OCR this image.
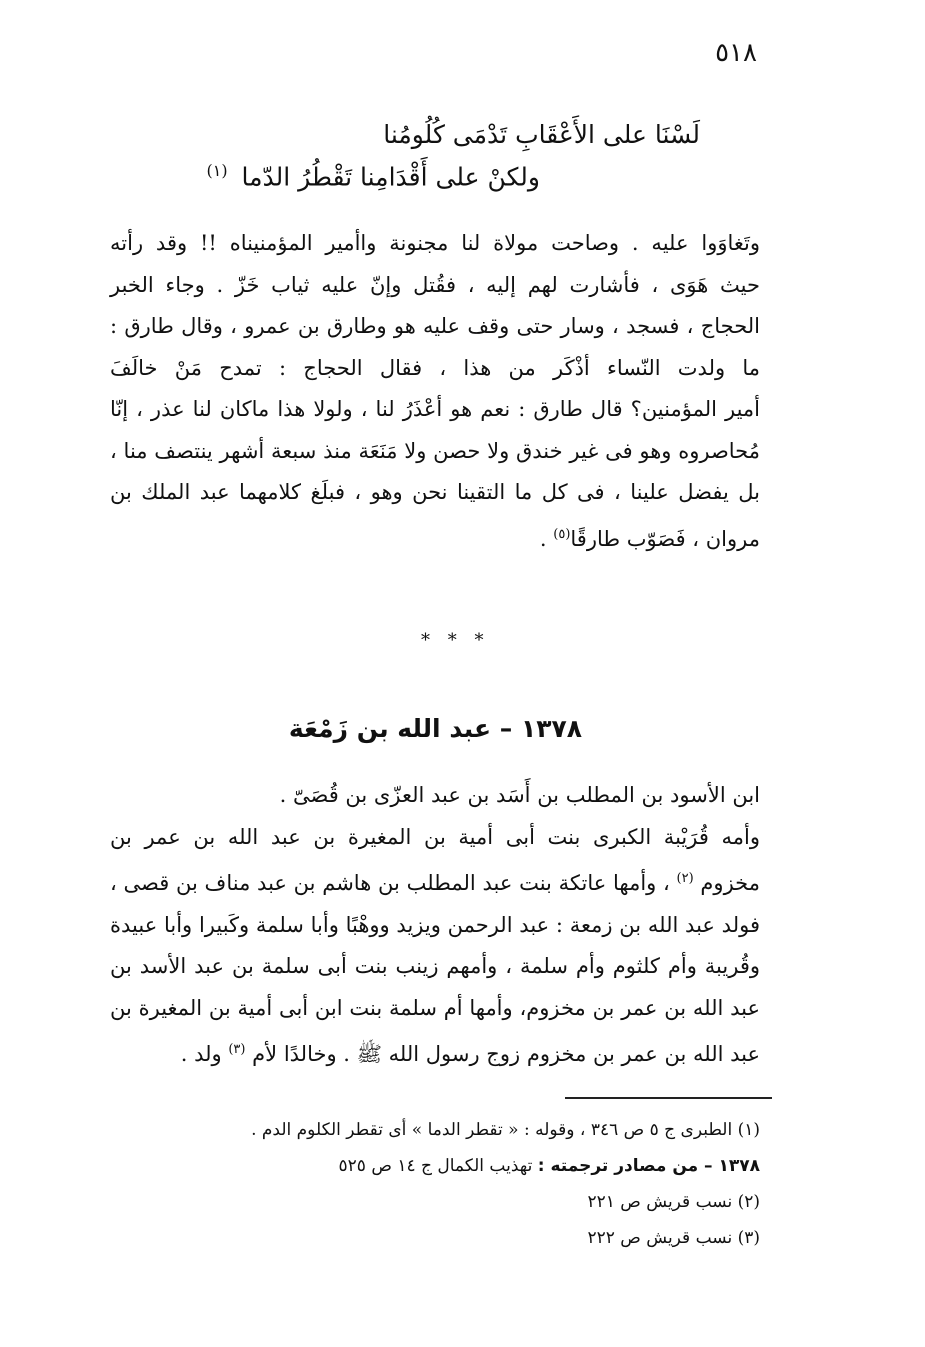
٥١٨
لَسْنَا على الأَعْقَابِ تَدْمَى كُلُومُنا
ولكنْ على أَقْدَامِنا تَقْطُرُ الدّما $^{(١)}$
وتَغاوَوا عليه . وصاحت مولاة لنا مجنونة واأمير المؤمنيناه !! وقد رأته
حيث هَوَى ، فأشارت لهم إليه ، فقُتل وإنّ عليه ثياب خَزّ . وجاء الخبر
الحجاج ، فسجد ، وسار حتى وقف عليه هو وطارق بن عمرو ، وقال طارق :
ما ولدت النّساء أذْكَر من هذا ، فقال الحجاج : تمدح مَنْ خالَفَ
أمير المؤمنين؟ قال طارق : نعم هو أعْذَرُ لنا ، ولولا هذا ماكان لنا عذر ، إنّا
مُحاصروه وهو فى غير خندق ولا حصن ولا مَنَعَة منذ سبعة أشهر ينتصف منا ،
بل يفضل علينا ، فى كل ما التقينا نحن وهو ، فبلَغ كلامهما عبد الملك بن
مروان ، فَصَوّب طارقًا$^{(٥)}$ .
* * *
١٣٧٨ – عبد الله بن زَمْعَة
ابن الأسود بن المطلب بن أَسَد بن عبد العزّى بن قُصَىّ .
وأمه قُرَيْبة الكبرى بنت أبى أمية بن المغيرة بن عبد الله بن عمر بن
مخزوم $^{(٢)}$ ، وأمها عاتكة بنت عبد المطلب بن هاشم بن عبد مناف بن قصى ،
فولد عبد الله بن زمعة : عبد الرحمن ويزيد ووهْبًا وأبا سلمة وكَبيرا وأبا عبيدة
وقُريبة وأم كلثوم وأم سلمة ، وأمهم زينب بنت أبى سلمة بن عبد الأسد بن
عبد الله بن عمر بن مخزوم، وأمها أم سلمة بنت ابن أبى أمية بن المغيرة بن
عبد الله بن عمر بن مخزوم زوج رسول الله ﷺ . وخالدًا لأم $^{(٣)}$ ولد .
(١) الطبرى ج ٥ ص ٣٤٦ ، وقوله : « تقطر الدما » أى تقطر الكلوم الدم .
١٣٧٨ – من مصادر ترجمته : تهذيب الكمال ج ١٤ ص ٥٢٥
(٢) نسب قريش ص ٢٢١
(٣) نسب قريش ص ٢٢٢
